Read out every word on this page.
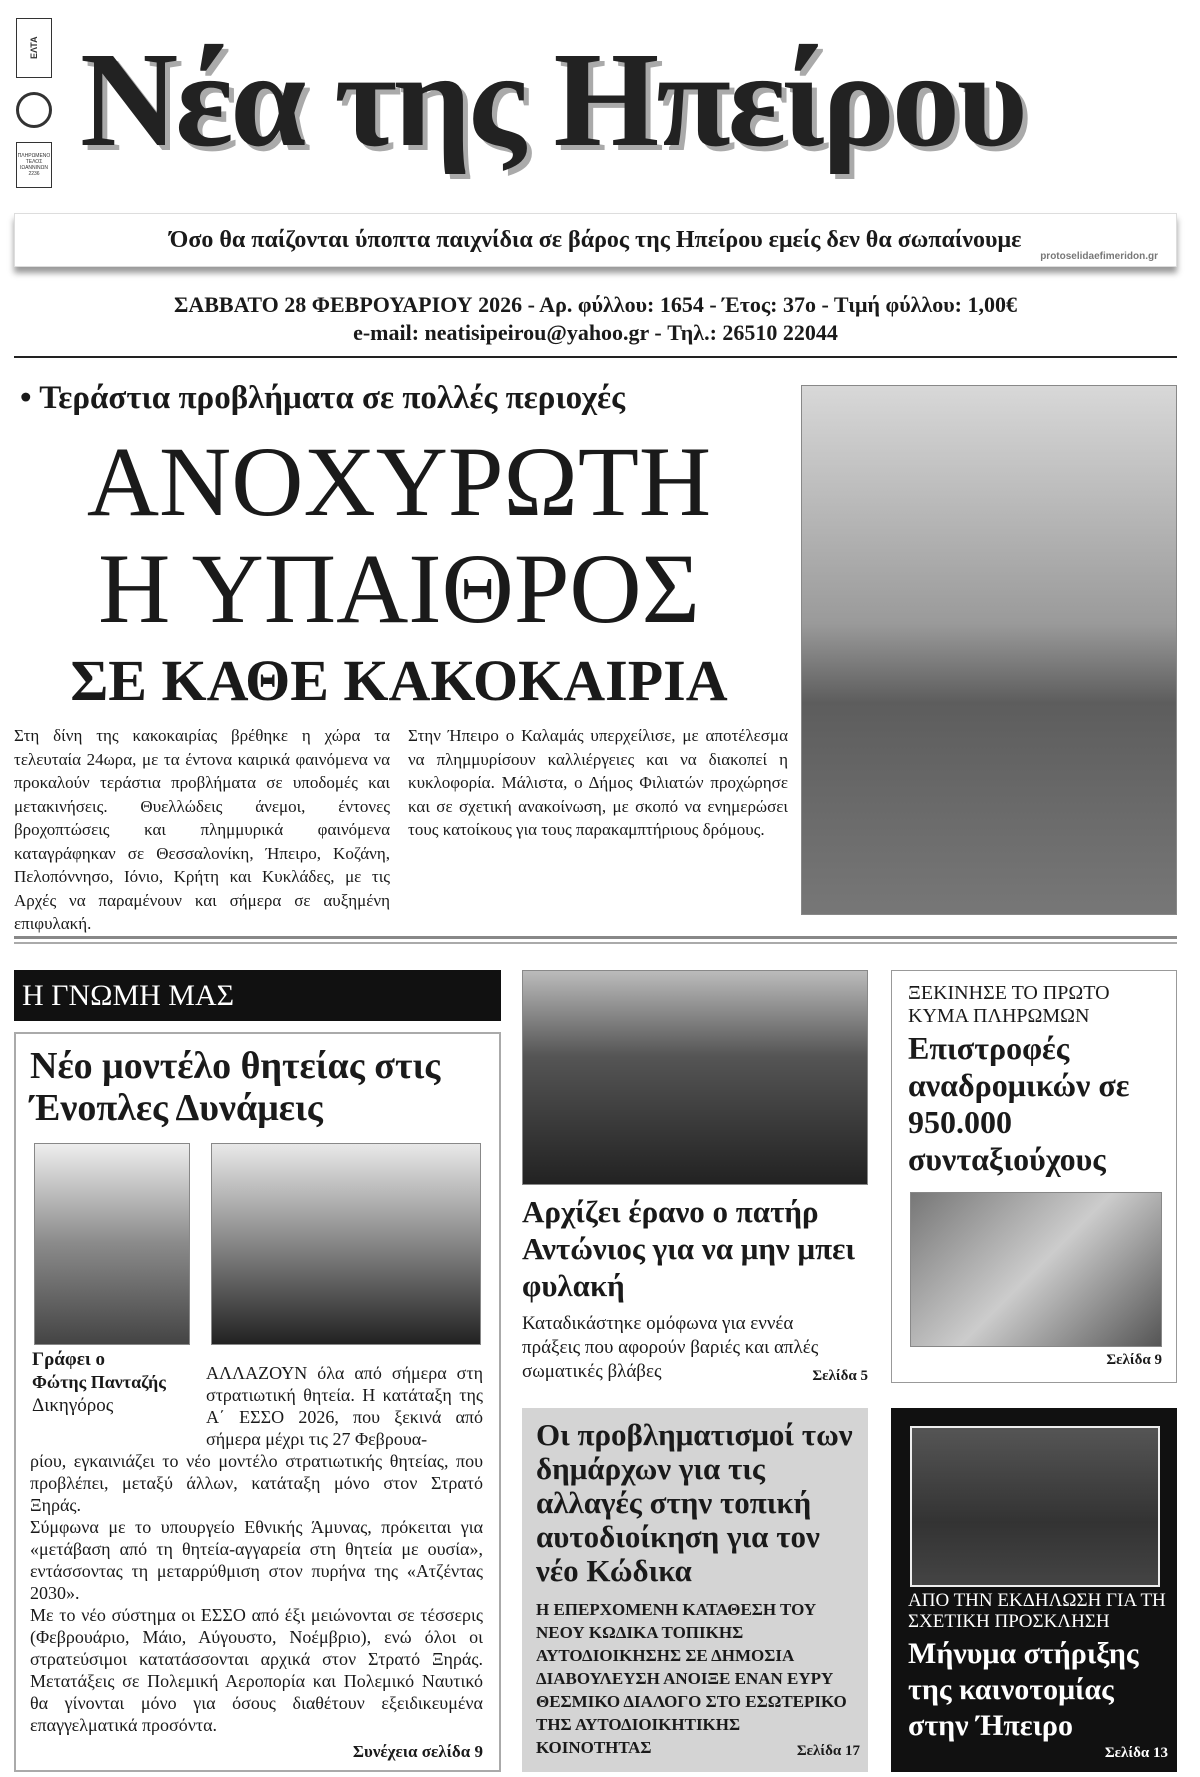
ΕΛΤΑ
ΠΛΗΡΩΜΕΝΟ ΤΕΛΟΣ ΙΩΑΝΝΙΝΩΝ 2236 Νέα της Ηπείρου
Όσο θα παίζονται ύποπτα παιχνίδια σε βάρος της Ηπείρου εμείς δεν θα σωπαίνουμε
protoselidaefimeridon.gr
ΣΑΒΒΑΤΟ 28 ΦΕΒΡΟΥΑΡΙΟΥ 2026 - Αρ. φύλλου: 1654 - Έτος: 37ο - Τιμή φύλλου: 1,00€
e-mail: neatisipeirou@yahoo.gr - Τηλ.: 26510 22044
• Τεράστια προβλήματα σε πολλές περιοχές
ΑΝΟΧΥΡΩΤΗ
Η ΥΠΑΙΘΡΟΣ
ΣΕ ΚΑΘΕ ΚΑΚΟΚΑΙΡΙΑ
Στη δίνη της κακοκαιρίας βρέθηκε η χώρα τα τελευταία 24ωρα, με τα έντονα καιρικά φαινόμενα να προκαλούν τεράστια προβλήματα σε υποδομές και μετακινήσεις. Θυελλώδεις άνεμοι, έντονες βροχοπτώσεις και πλημμυρικά φαινόμενα καταγράφηκαν σε Θεσσαλονίκη, Ήπειρο, Κοζάνη, Πελοπόννησο, Ιόνιο, Κρήτη και Κυκλάδες, με τις Αρχές να παραμένουν και σήμερα σε αυξημένη επιφυλακή.
Στην Ήπειρο ο Καλαμάς υπερχείλισε, με αποτέλεσμα να πλημμυρίσουν καλλιέργειες και να διακοπεί η κυκλοφορία. Μάλιστα, ο Δήμος Φιλιατών προχώρησε και σε σχετική ανακοίνωση, με σκοπό να ενημερώσει τους κατοίκους για τους παρακαμπτήριους δρόμους.
Η ΓΝΩΜΗ ΜΑΣ
Νέο μοντέλο θητείας στις Ένοπλες Δυνάμεις
Γράφει ο
Φώτης Πανταζής
Δικηγόρος
ΑΛΛΑΖΟΥΝ όλα από σήμερα στη στρατιωτική θητεία. Η κατάταξη της Α΄ ΕΣΣΟ 2026, που ξεκινά από σήμερα μέχρι τις 27 Φεβρουα-

ρίου, εγκαινιάζει το νέο μοντέλο στρατιωτικής θητείας, που προβλέπει, μεταξύ άλλων, κατάταξη μόνο στον Στρατό Ξηράς.

Σύμφωνα με το υπουργείο Εθνικής Άμυνας, πρόκειται για «μετάβαση από τη θητεία-αγγαρεία στη θητεία με ουσία», εντάσσοντας τη μεταρρύθμιση στον πυρήνα της «Ατζέντας 2030».

Με το νέο σύστημα οι ΕΣΣΟ από έξι μειώνονται σε τέσσερις (Φεβρουάριο, Μάιο, Αύγουστο, Νοέμβριο), ενώ όλοι οι στρατεύσιμοι κατατάσσονται αρχικά στον Στρατό Ξηράς. Μετατάξεις σε Πολεμική Αεροπορία και Πολεμικό Ναυτικό θα γίνονται μόνο για όσους διαθέτουν εξειδικευμένα επαγγελματικά προσόντα.

Συνέχεια σελίδα 9
Αρχίζει έρανο ο πατήρ Αντώνιος για να μην μπει φυλακή
Καταδικάστηκε ομόφωνα για εννέα πράξεις που αφορούν βαριές και απλές σωματικές βλάβες	Σελίδα 5
ΞΕΚΙΝΗΣΕ ΤΟ ΠΡΩΤΟ ΚΥΜΑ ΠΛΗΡΩΜΩΝ
Επιστροφές αναδρομικών σε 950.000 συνταξιούχους
Σελίδα 9
Οι προβληματισμοί των δημάρχων για τις αλλαγές στην τοπική αυτοδιοίκηση για τον νέο Κώδικα
Η ΕΠΕΡΧΟΜΕΝΗ ΚΑΤΑΘΕΣΗ ΤΟΥ ΝΕΟΥ ΚΩΔΙΚΑ ΤΟΠΙΚΗΣ ΑΥΤΟΔΙΟΙΚΗΣΗΣ ΣΕ ΔΗΜΟΣΙΑ ΔΙΑΒΟΥΛΕΥΣΗ ΑΝΟΙΞΕ ΕΝΑΝ ΕΥΡΥ ΘΕΣΜΙΚΟ ΔΙΑΛΟΓΟ ΣΤΟ ΕΣΩΤΕΡΙΚΟ ΤΗΣ ΑΥΤΟΔΙΟΙΚΗΤΙΚΗΣ ΚΟΙΝΟΤΗΤΑΣ	Σελίδα 17
ΑΠΟ ΤΗΝ ΕΚΔΗΛΩΣΗ ΓΙΑ ΤΗ ΣΧΕΤΙΚΗ ΠΡΟΣΚΛΗΣΗ
Μήνυμα στήριξης της καινοτομίας στην Ήπειρο
Σελίδα 13
